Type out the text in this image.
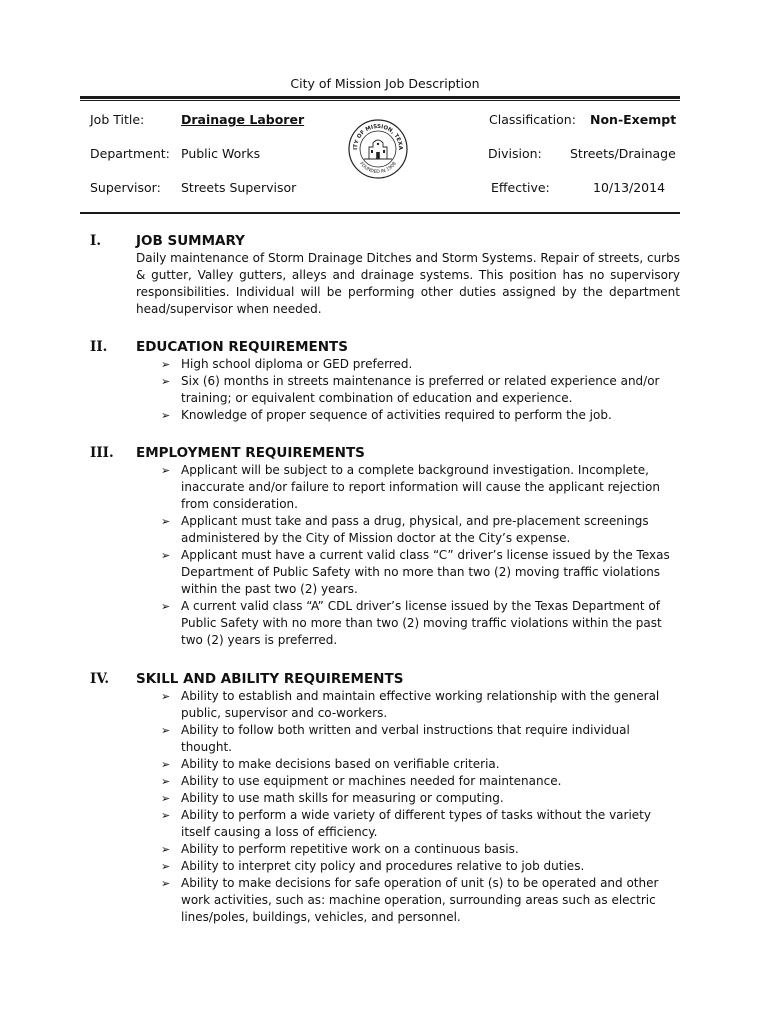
City of Mission Job Description
Job Title:	Drainage Laborer
Department: Public Works
Supervisor: Streets Supervisor
ITY OF MISSION, TEXA
FOUNDED IN 1908
Classification: Non-Exempt
Division: Streets/Drainage
Effective:	10/13/2014
I.	JOB SUMMARY
Daily maintenance of Storm Drainage Ditches and Storm Systems. Repair of streets, curbs & gutter, Valley gutters, alleys and drainage systems. This position has no supervisory responsibilities. Individual will be performing other duties assigned by the department head/supervisor when needed.
II. EDUCATION REQUIREMENTS
➢ High school diploma or GED preferred.
➢ Six (6) months in streets maintenance is preferred or related experience and/or training; or equivalent combination of education and experience.
➢ Knowledge of proper sequence of activities required to perform the job.
III. EMPLOYMENT REQUIREMENTS
➢ Applicant will be subject to a complete background investigation. Incomplete, inaccurate and/or failure to report information will cause the applicant rejection from consideration.
➢ Applicant must take and pass a drug, physical, and pre-placement screenings administered by the City of Mission doctor at the City’s expense.
➢ Applicant must have a current valid class “C” driver’s license issued by the Texas Department of Public Safety with no more than two (2) moving traffic violations within the past two (2) years.
➢ A current valid class “A” CDL driver’s license issued by the Texas Department of Public Safety with no more than two (2) moving traffic violations within the past two (2) years is preferred.
IV. SKILL AND ABILITY REQUIREMENTS
➢ Ability to establish and maintain effective working relationship with the general public, supervisor and co-workers.
➢ Ability to follow both written and verbal instructions that require individual thought.
➢ Ability to make decisions based on verifiable criteria.
➢ Ability to use equipment or machines needed for maintenance.
➢ Ability to use math skills for measuring or computing.
➢ Ability to perform a wide variety of different types of tasks without the variety itself causing a loss of efficiency.
➢ Ability to perform repetitive work on a continuous basis.
➢ Ability to interpret city policy and procedures relative to job duties.
➢ Ability to make decisions for safe operation of unit (s) to be operated and other work activities, such as: machine operation, surrounding areas such as electric lines/poles, buildings, vehicles, and personnel.
